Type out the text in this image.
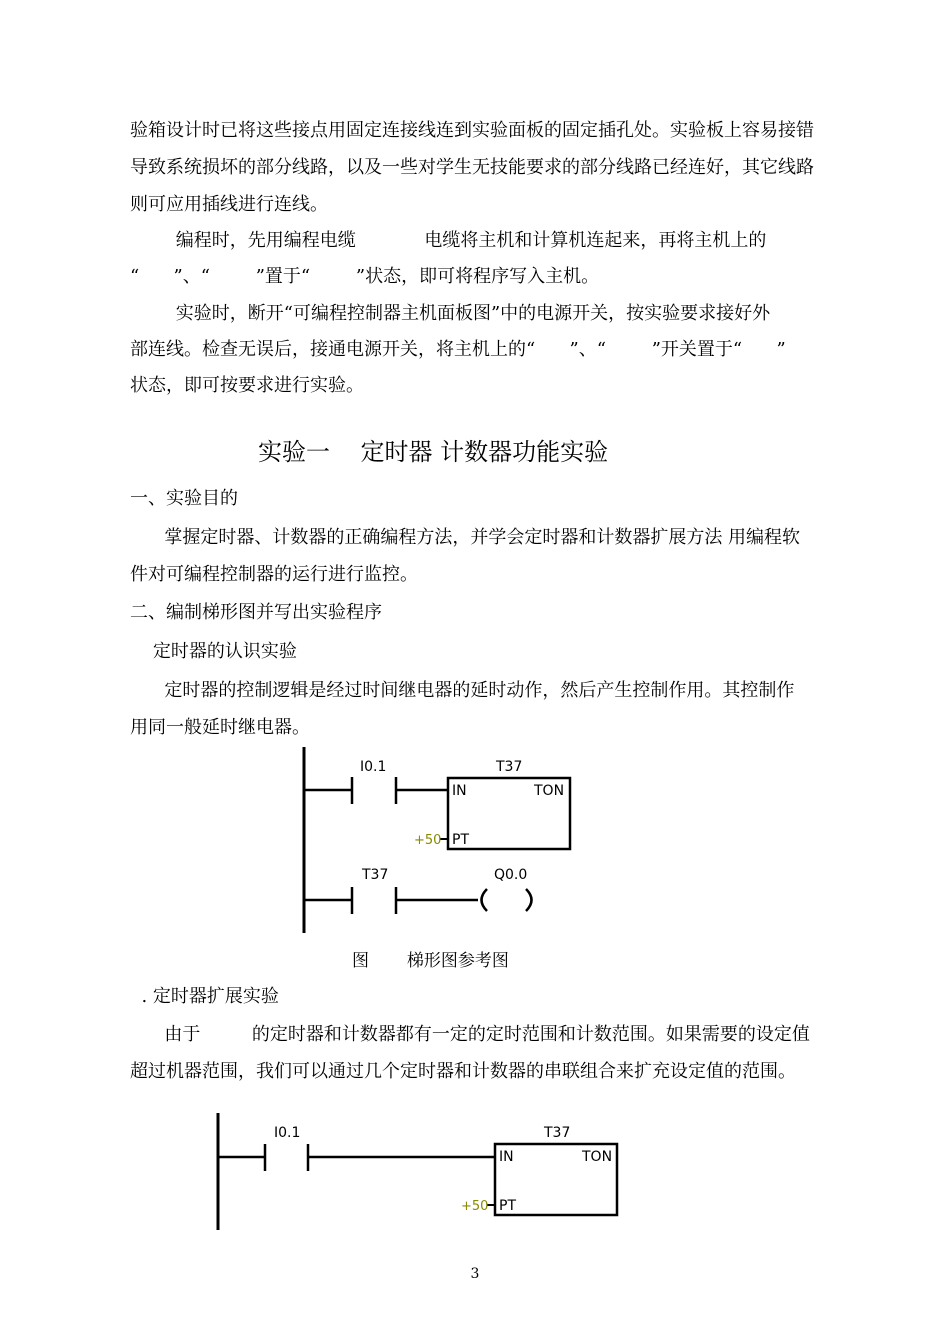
验箱设计时已将这些接点用固定连接线连到实验面板的固定插孔处。实验板上容易接错
导致系统损坏的部分线路，以及一些对学生无技能要求的部分线路已经连好，其它线路
则可应用插线进行连线。
编程时，先用编程电缆            电缆将主机和计算机连起来，再将主机上的
“      ”、“        ”置于“        ”状态，即可将程序写入主机。
实验时，断开“可编程控制器主机面板图”中的电源开关，按实验要求接好外
部连线。检查无误后，接通电源开关，将主机上的“      ”、“        ”开关置于“      ”
状态，即可按要求进行实验。
实验一    定时器 计数器功能实验
一、实验目的
掌握定时器、计数器的正确编程方法，并学会定时器和计数器扩展方法 用编程软
件对可编程控制器的运行进行监控。
二、编制梯形图并写出实验程序
定时器的认识实验
定时器的控制逻辑是经过时间继电器的延时动作，然后产生控制作用。其控制作
用同一般延时继电器。
I0.1	T37
IN	TON
+50 PT
T37	Q0.0
图       梯形图参考图
. 定时器扩展实验
由于         的定时器和计数器都有一定的定时范围和计数范围。如果需要的设定值
超过机器范围，我们可以通过几个定时器和计数器的串联组合来扩充设定值的范围。
I0.1	T37
IN	TON
+50 PT
3
